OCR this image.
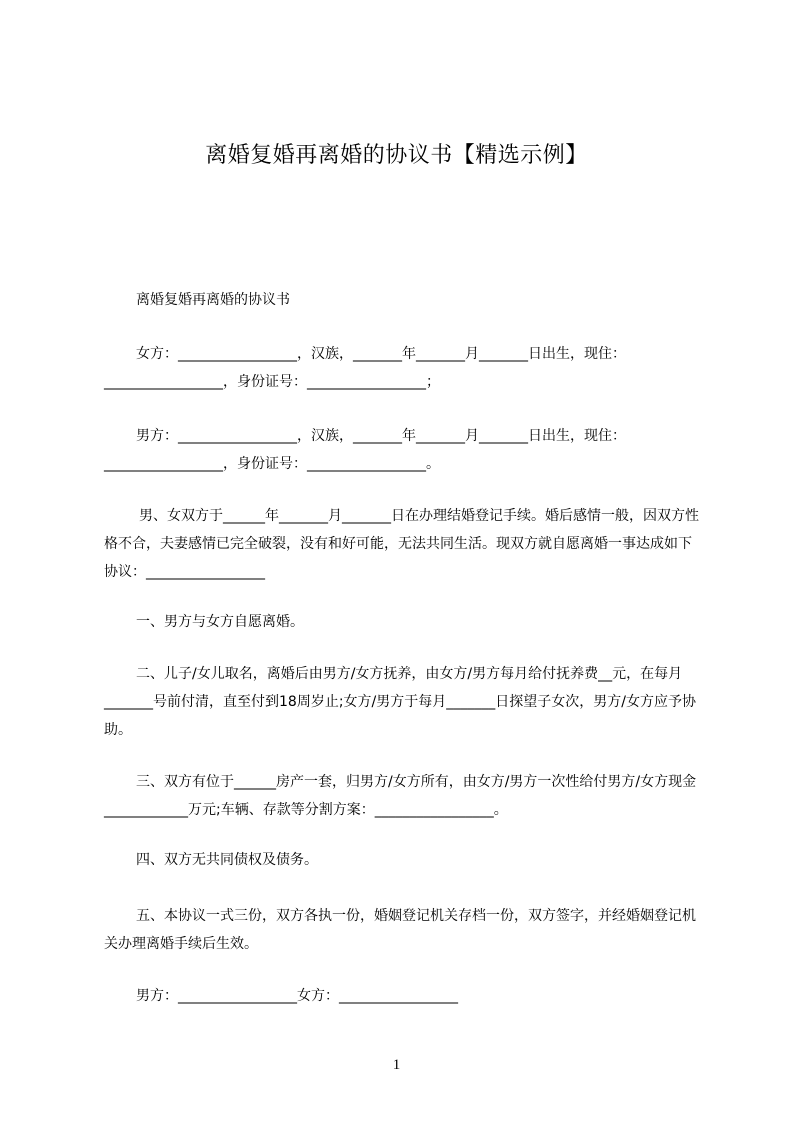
离婚复婚再离婚的协议书【精选示例】
离婚复婚再离婚的协议书

女方：_________________，汉族，_______年_______月_______日出生，现住：_________________，身份证号：_________________；

男方：_________________，汉族，_______年_______月_______日出生，现住：_________________，身份证号：_________________。

男、女双方于______年_______月_______日在办理结婚登记手续。婚后感情一般，因双方性格不合，夫妻感情已完全破裂，没有和好可能，无法共同生活。现双方就自愿离婚一事达成如下协议：_________________

一、男方与女方自愿离婚。

二、儿子/女儿取名，离婚后由男方/女方抚养，由女方/男方每月给付抚养费__元，在每月_______号前付清，直至付到18周岁止;女方/男方于每月_______日探望子女次，男方/女方应予协助。

三、双方有位于______房产一套，归男方/女方所有，由女方/男方一次性给付男方/女方现金____________万元;车辆、存款等分割方案：_________________。

四、双方无共同债权及债务。

五、本协议一式三份，双方各执一份，婚姻登记机关存档一份，双方签字，并经婚姻登记机关办理离婚手续后生效。

男方：_________________女方：_________________

1
